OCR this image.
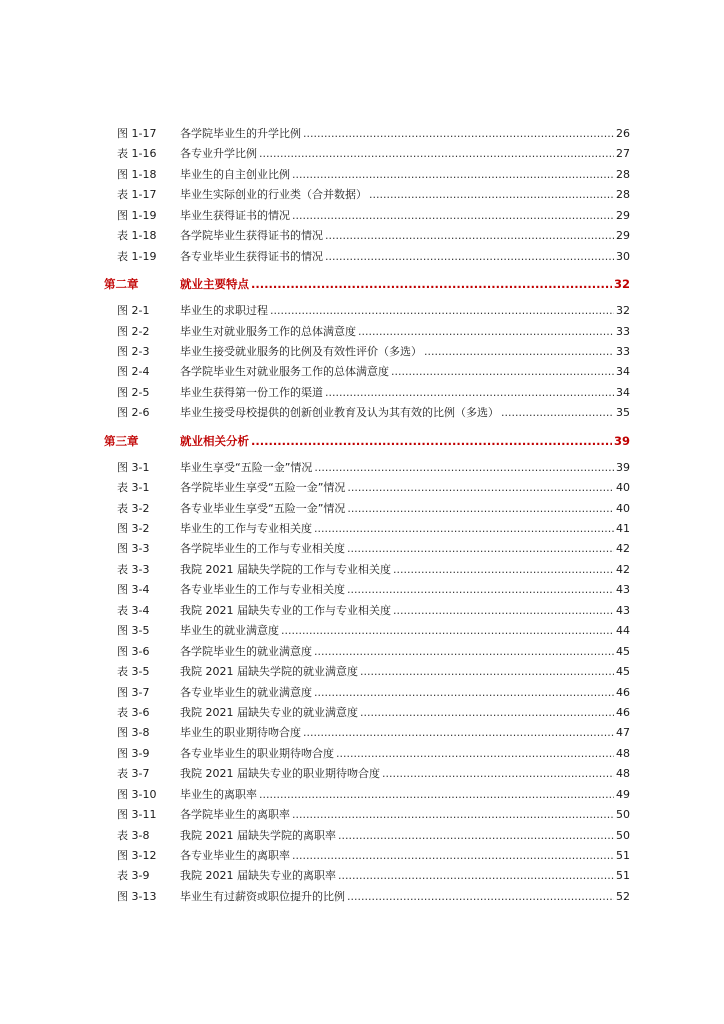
图 1-17 各学院毕业生的升学比例 .....	26
表 1-16 各专业升学比例 .....	27
图 1-18 毕业生的自主创业比例 .....	28
表 1-17 毕业生实际创业的行业类（合并数据） .....	28
图 1-19 毕业生获得证书的情况 .....	29
表 1-18 各学院毕业生获得证书的情况 .....	29
表 1-19 各专业毕业生获得证书的情况 .....	30
第二章	就业主要特点 .....	32
图 2-1	毕业生的求职过程 .....	32
图 2-2	毕业生对就业服务工作的总体满意度 .....	33
图 2-3	毕业生接受就业服务的比例及有效性评价（多选） .....	33
图 2-4	各学院毕业生对就业服务工作的总体满意度 .....	34
图 2-5	毕业生获得第一份工作的渠道 .....	34
图 2-6	毕业生接受母校提供的创新创业教育及认为其有效的比例（多选） .....	35
第三章	就业相关分析 .....	39
图 3-1	毕业生享受“五险一金”情况 .....	39
表 3-1	各学院毕业生享受“五险一金”情况 .....	40
表 3-2	各专业毕业生享受“五险一金”情况 .....	40
图 3-2	毕业生的工作与专业相关度 .....	41
图 3-3	各学院毕业生的工作与专业相关度 .....	42
表 3-3	我院 2021 届缺失学院的工作与专业相关度 .....	42
图 3-4	各专业毕业生的工作与专业相关度 .....	43
表 3-4	我院 2021 届缺失专业的工作与专业相关度 .....	43
图 3-5	毕业生的就业满意度 .....	44
图 3-6	各学院毕业生的就业满意度 .....	45
表 3-5	我院 2021 届缺失学院的就业满意度 .....	45
图 3-7	各专业毕业生的就业满意度 .....	46
表 3-6	我院 2021 届缺失专业的就业满意度 .....	46
图 3-8	毕业生的职业期待吻合度 .....	47
图 3-9	各专业毕业生的职业期待吻合度 .....	48
表 3-7	我院 2021 届缺失专业的职业期待吻合度 .....	48
图 3-10 毕业生的离职率 .....	49
图 3-11 各学院毕业生的离职率 .....	50
表 3-8	我院 2021 届缺失学院的离职率 .....	50
图 3-12 各专业毕业生的离职率 .....	51
表 3-9	我院 2021 届缺失专业的离职率 .....	51
图 3-13 毕业生有过薪资或职位提升的比例 .....	52
